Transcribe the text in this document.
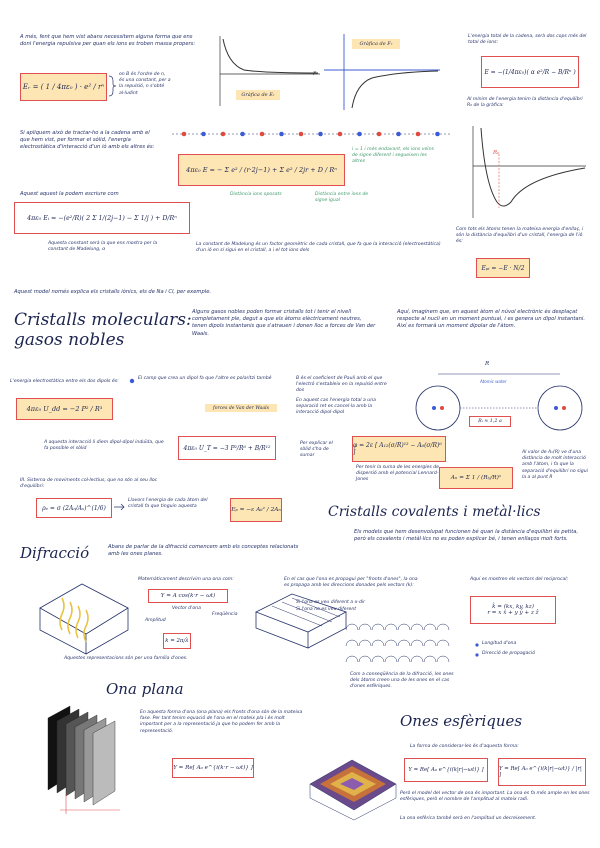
A més, fent que hem vist abans necessitem alguna forma que ens doni l'energia repulsiva per quan els ions es troben massa propers:
Eᵣ = ( 1 / 4πε₀ ) · e² / rⁿ
on B és l'ordre de n, és una constant, per a la repulsió, n s'obté al·ludint
r
Gràfica de Eᵣ
Gràfica de Fᵣ
Si apliquem això de tractar-ho a la cadena amb el que hem vist, per formar el sòlid, l'energia electrostàtica d'interacció d'un ió amb els altres és:
4πε₀ E = − Σ e² / (r·2j−1) + Σ e² / 2jr + D / Rⁿ
i = 1 i més endavant, els ions veïns de signe diferent i segueixen les altres
Distància ions oposats	Distància entre ions de signe igual
Aquest aquest la podem escriure com
4πε₀ Eᵢ = −(e²/R)( 2 Σ 1/(2j−1) − Σ 1/j ) + D/Rⁿ
Aquesta constant serà la que ens mostra per la constant de Madelung, α
La constant de Madelung és un factor geomètric de cada cristall, que fa que la interacció (electroestàtica) d'un ió en sí sigui en el cristall, a i el tot ions dels
L'energia total de la cadena, serà dos cops més del total de ions:
E = −(1/4πε₀)( α e²/R − B/Rⁿ )
Al mínim de l'energia tenim la distància d'equilibri R₀ de la gràfica:
R₀
Com tots els àtoms tenen la mateixa energia d'enllaç, i són la distància d'equilibri d'un cristall, l'energia de l'ió és:
Eₚᵢ = −E · N/2
Aquest model només explica els cristalls iònics, els de Na i Cl, per exemple.
Cristalls moleculars: gasos nobles
Alguns gasos nobles poden formar cristalls tot i tenir el nivell completament ple, degut a que els àtoms elèctricament neutres, tenen dipols instantanis que s'atrauen i donen lloc a forces de Van der Waals.
Aquí, imaginem que, en aquest àtom el núvol electrònic és desplaçat respecte al nucli en un moment puntual, i es genera un dipol instantani. Així es formarà un moment dipolar de l'àtom.
L'energia electrostàtica entre els dos dipols és:
4πε₀ U_dd = −2 P² / R³
El camp que crea un dipol fa que l'altre es polaritzi també
forces de Van der Waals
B és el coeficient de Pauli amb el que l'electró s'estableix en la repulsió entre dos
En aquest cas l'energia total a una separació ret es cancel·la amb la interacció dipol-dipol
R
Atomic water
Rᵢ ≈ 1,2 a
A aquesta interacció li diem dipol-dipol induïda, que fa possible el sòlid	4πε₀ U_T = −3 P²/R⁶ + B/R¹²
Per explicar el sòlid s'ha de sumar
φ = 2ε [ A₁₂(σ/R)¹² − A₆(σ/R)⁶ ]
Per tenir la suma de les energies de dispersió amb el potencial Lennard-Jones	Aₙ = Σ 1 / (Rᵢⱼ/R)ⁿ
Al valor de Aₙ(R) ve d'una distància de molt interacció amb l'àtom, i fa que la separació d'equilibri no sigui la a al punt R
III. Sistema de moviments col·lectius, que no són al seu lloc d'equilibri:
ρₑ = σ (2Aₙ/Aₛ)^(1/6)
Llavors l'energia de cada àtom del cristall fa que tinguin aquesta
Eₚ = −ε A₆² / 2Aₙ	Cristalls covalents i metàl·lics
Els models que hem desenvolupat funcionen bé quan la distància d'equilibri és petita, però els covalents i metàl·lics no es poden explicar bé, i tenen enllaços molt forts.
Difracció	Abans de parlar de la difracció comencem amb els conceptes relacionats amb les ones planes.
Matemàticament descrivim una ona com:
Y = A cos(k·r − ωt)
Amplitud
Vector d'ona
Freqüència
k = 2π/λ
Aquestes representacions són per una família d'ones.
En el cas que l'ona es propagui per "fronts d'ones", la ona es propaga amb les direccions donades pels vectors (k):
Si l'ona es veu diferent a x-dir
Si l'ona no es veu diferent
Com a conseqüència de la difracció, les ones dels àtoms creen una de les ones en el cas d'ones esfèriques.
Aquí es mostren els vectors del reciprocal:
k̂ = (kx, ky, kz)
r = x x̂ + y ŷ + z ẑ
Longitud d'ona
Direcció de propagació
Ona plana
En aquesta forma d'ona (ona plana) els fronts d'ona són de la mateixa fase. Per tant tenim equació de l'ona en el mateix pla i és molt important per a la representació ja que ho podem fer amb la representació.
Y = Re[ A₀ e^{i(k·r − ωt)} ]
Ones esfèriques
La forma de considerar-les és d'aquesta forma:
Y = Re[ A₀ e^{i(k|r|−ωt)} ]	Y = Re[ A₀ e^{i(k|r|−ωt)} / |r| ]
Però el model del vector de ona és important. La ona es fa més ample en les ones esfèriques, però el nombre de l'amplitud al mateix radi.
La ona esfèrica també serà en l'amplitud un decreixement.
